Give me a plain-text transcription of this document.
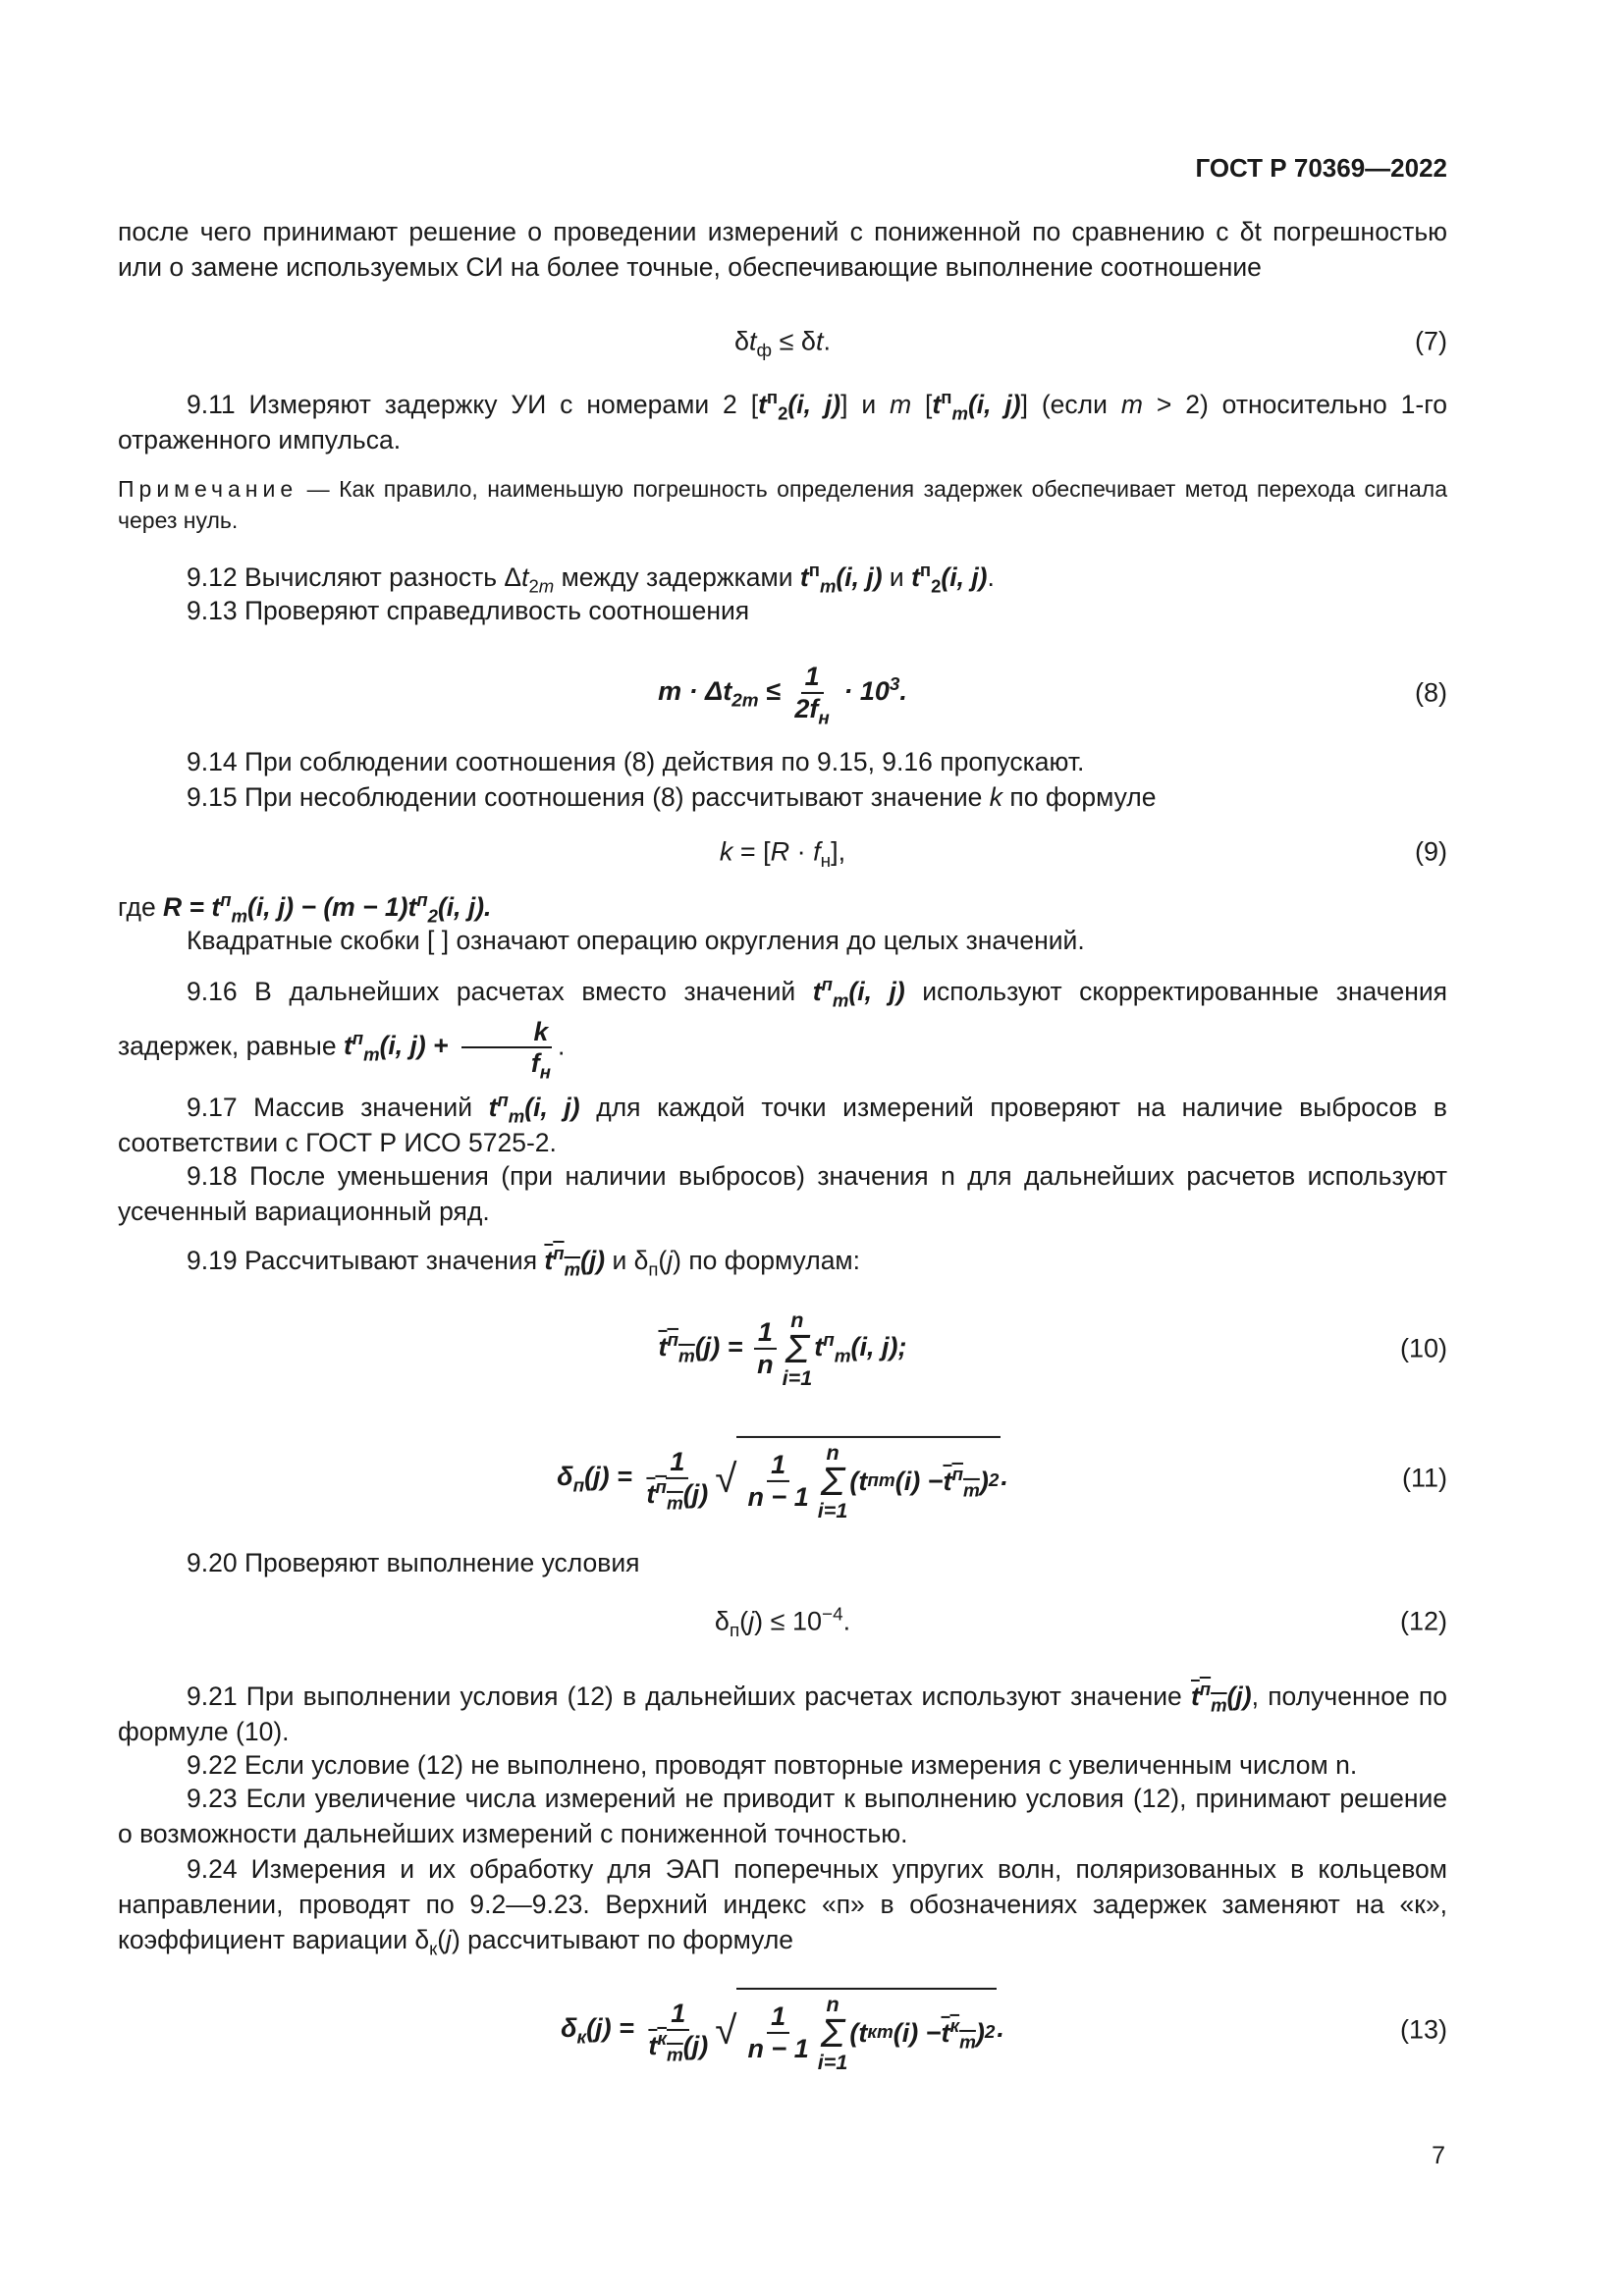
ГОСТ Р 70369—2022
после чего принимают решение о проведении измерений с пониженной по сравнению с δt погрешностью или о замене используемых СИ на более точные, обеспечивающие выполнение соотношение
$\delta t_ф \le \delta t$.	(7)
9.11 Измеряют задержку УИ с номерами 2 [$t^п_2(i$, j)] и m [$t^п_m(i$, j)] (если m > 2) относительно 1-го отраженного импульса.
Примечание — Как правило, наименьшую погрешность определения задержек обеспечивает метод перехода сигнала через нуль.
9.12 Вычисляют разность $\Delta t_{2m}$ между задержками $t^п_m(i$, j) и $t^п_2(i$, j).
9.13 Проверяют справедливость соотношения
$m \cdot \Delta t_{2m} \le \frac{1}{2f_н} \cdot 10^3$.	(8)
9.14 При соблюдении соотношения (8) действия по 9.15, 9.16 пропускают.
9.15 При несоблюдении соотношения (8) рассчитывают значение k по формуле
$k = [R \cdot f_н]$,	(9)
где $R = t^п_m(i$, $j) - (m - 1)t^п_2(i$, j).
Квадратные скобки [ ] означают операцию округления до целых значений.
9.16 В дальнейших расчетах вместо значений $t^п_m(i$, j) используют скорректированные значения задержек, равные $t^п_m(i$, $j) + \frac{k}{f_н}$ .
9.17 Массив значений $t^п_m(i$, j) для каждой точки измерений проверяют на наличие выбросов в соответствии с ГОСТ Р ИСО 5725-2.
9.18 После уменьшения (при наличии выбросов) значения n для дальнейших расчетов используют усеченный вариационный ряд.
9.19 Рассчитывают значения $t^п_m(j)$ и $\delta_п(j)$ по формулам:
$t^п_m(j) = \frac{1}{n}$ n
Σ
i=1
$t^п_m(i$, j);	(10)
$\delta_п(j) = \frac{1}{t^п_m(j)}$ √ $\frac{1}{n - 1}$ n
Σ
i=1
(t п m $(i) - t^п_m$ ) 2 .	(11)
9.20 Проверяют выполнение условия
$\delta_п(j) \le 10^{-4}$.	(12)
9.21 При выполнении условия (12) в дальнейших расчетах используют значение $t^п_m(j)$, полученное по формуле (10).
9.22 Если условие (12) не выполнено, проводят повторные измерения с увеличенным числом n.
9.23 Если увеличение числа измерений не приводит к выполнению условия (12), принимают решение о возможности дальнейших измерений с пониженной точностью.
9.24 Измерения и их обработку для ЭАП поперечных упругих волн, поляризованных в кольцевом направлении, проводят по 9.2—9.23. Верхний индекс «п» в обозначениях задержек заменяют на «к», коэффициент вариации $\delta_к(j)$ рассчитывают по формуле
$\delta_к(j) = \frac{1}{t^к_m(j)}$ √ $\frac{1}{n - 1}$ n
Σ
i=1
(t к m $(i) - t^к_m$ ) 2 .	(13)
7
